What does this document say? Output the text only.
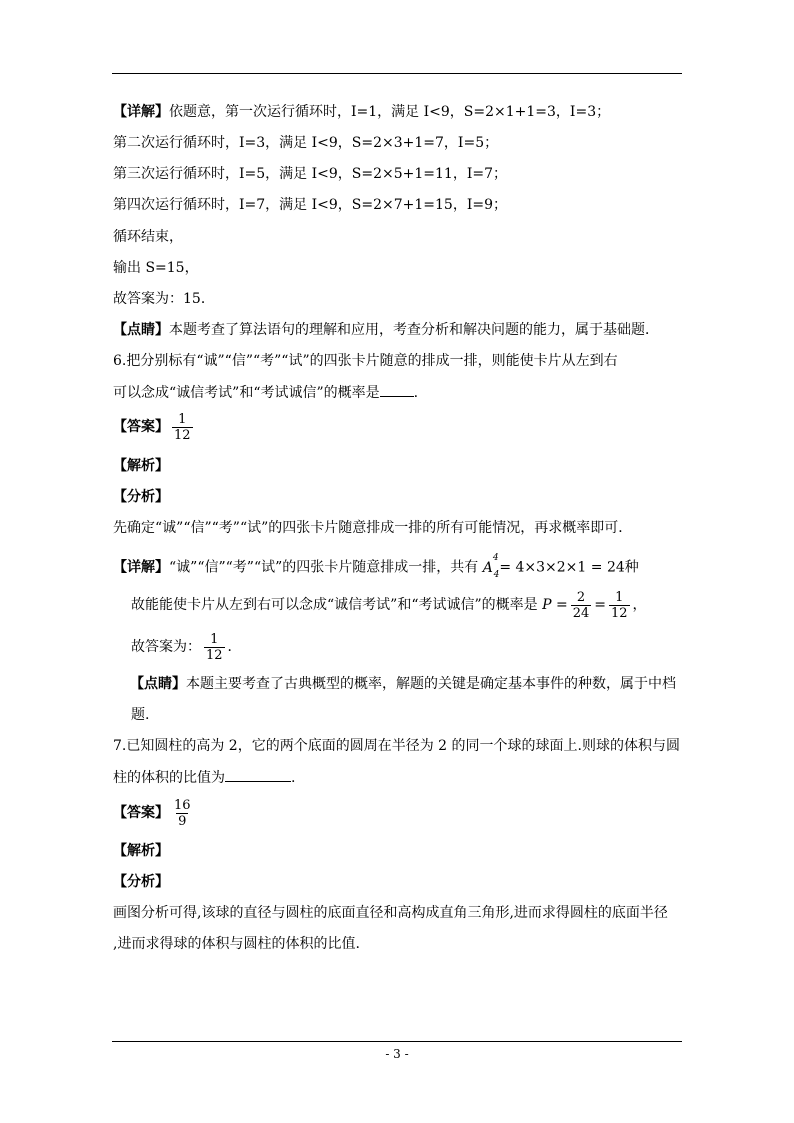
【详解】依题意，第一次运行循环时，I=1，满足 I<9，S=2×1+1=3，I=3；
第二次运行循环时，I=3，满足 I<9，S=2×3+1=7，I=5；
第三次运行循环时，I=5，满足 I<9，S=2×5+1=11，I=7；
第四次运行循环时，I=7，满足 I<9，S=2×7+1=15，I=9；
循环结束，
输出 S=15，
故答案为：15．
【点睛】本题考查了算法语句的理解和应用，考查分析和解决问题的能力，属于基础题．
6.把分别标有“诚”“信”“考”“试”的四张卡片随意的排成一排，则能使卡片从左到右
可以念成“诚信考试”和“考试诚信”的概率是 .
【答案】 $\frac{1}{12}$
【解析】
【分析】
先确定“诚”“信”“考”“试”的四张卡片随意排成一排的所有可能情况，再求概率即可．
【详解】“诚”“信”“考”“试”的四张卡片随意排成一排，共有 $A^4_4= 4\times 3\times 2\times 1 = 24$种
故能能使卡片从左到右可以念成“诚信考试”和“考试诚信”的概率是 $P = \frac{2}{24} = \frac{1}{12}$ ，
故答案为： $\frac{1}{12}$ ．
【点睛】本题主要考查了古典概型的概率，解题的关键是确定基本事件的种数，属于中档
题.
7.已知圆柱的高为 2，它的两个底面的圆周在半径为 2 的同一个球的球面上.则球的体积与圆
柱的体积的比值为	.
【答案】 $\frac{16}{9}$
【解析】
【分析】
画图分析可得,该球的直径与圆柱的底面直径和高构成直角三角形,进而求得圆柱的底面半径
,进而求得球的体积与圆柱的体积的比值.
- 3 -
